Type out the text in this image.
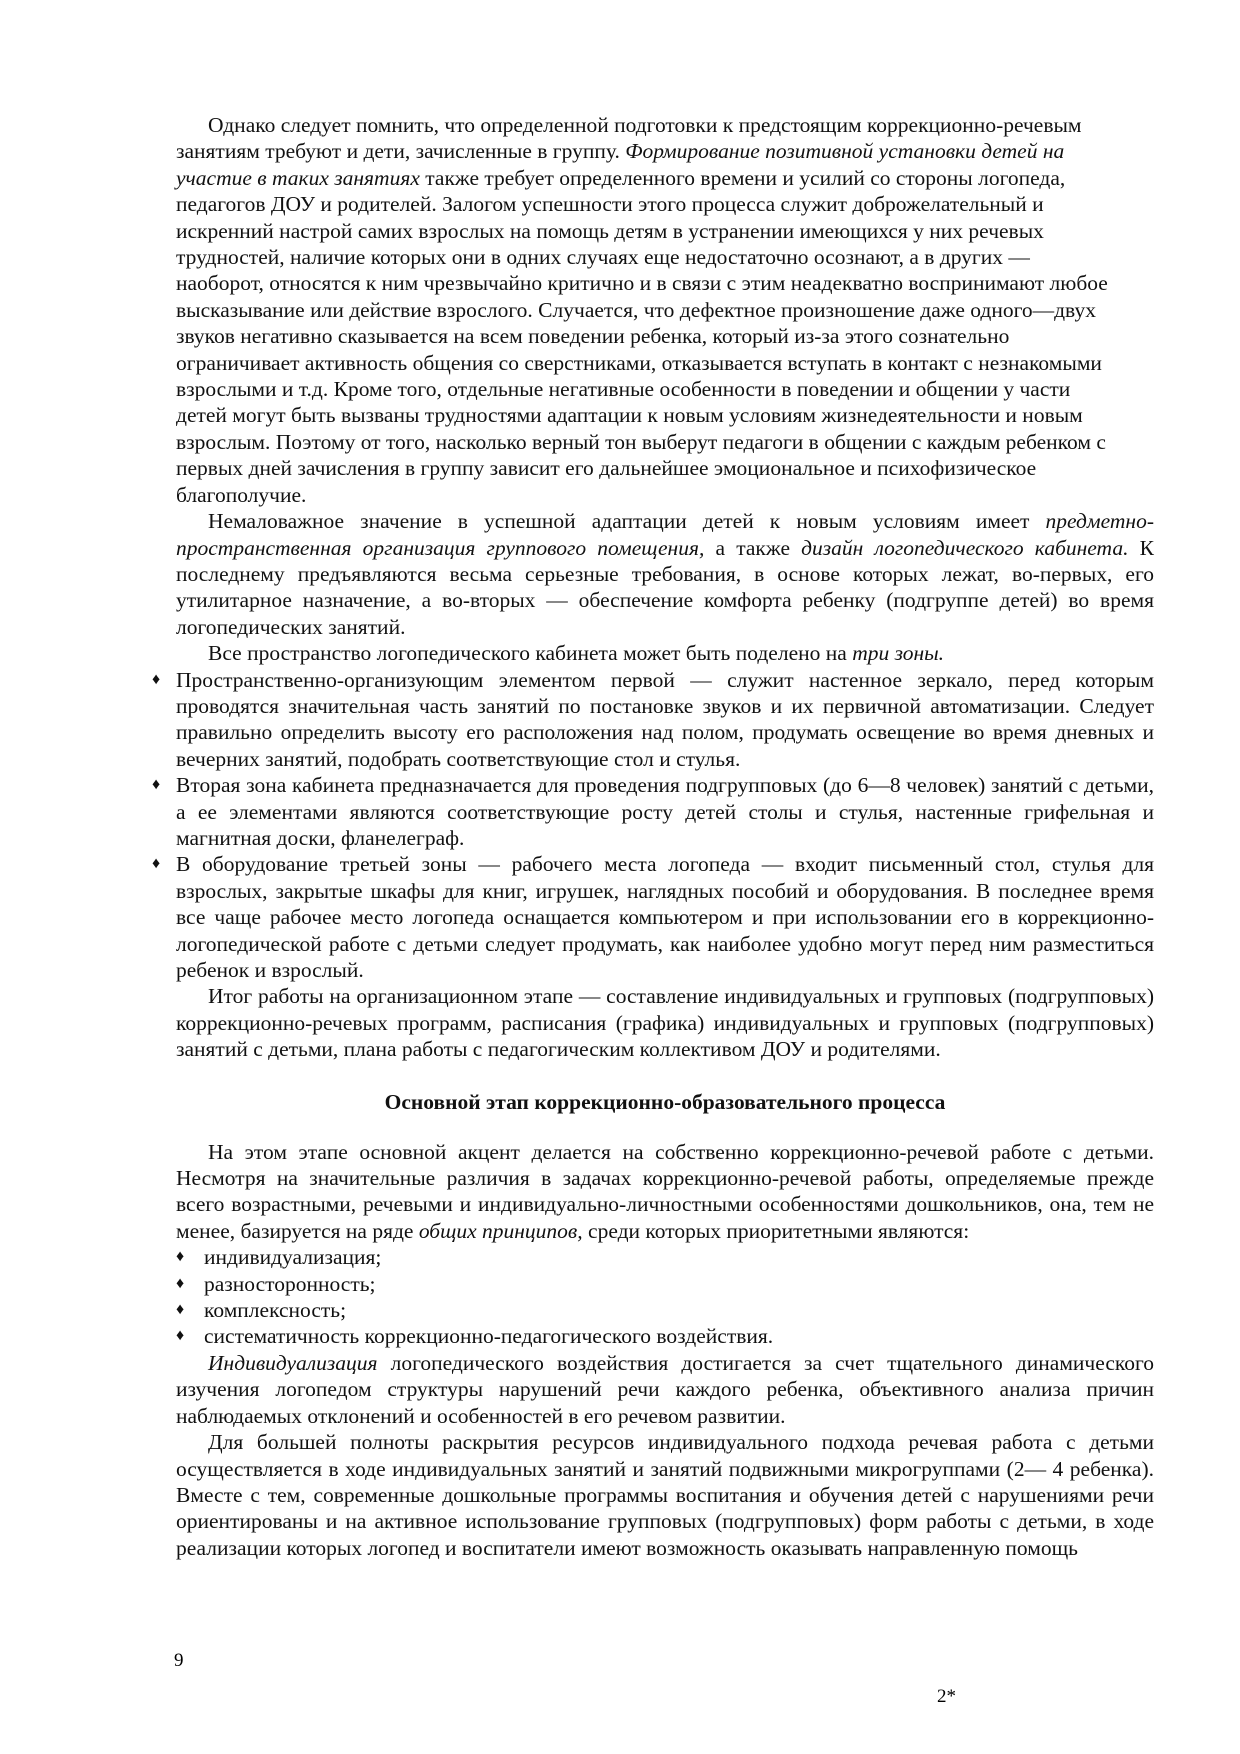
Однако следует помнить, что определенной подготовки к предстоящим коррекционно-речевым занятиям требуют и дети, зачисленные в группу. Формирование позитивной установки детей на участие в таких занятиях также требует определенного времени и усилий со стороны логопеда, педагогов ДОУ и родителей. Залогом успешности этого процесса служит доброжелательный и искренний настрой самих взрослых на помощь детям в устранении имеющихся у них речевых трудностей, наличие которых они в одних случаях еще недостаточно осознают, а в других — наоборот, относятся к ним чрезвычайно критично и в связи с этим неадекватно воспринимают любое высказывание или действие взрослого. Случается, что дефектное произношение даже одного—двух звуков негативно сказывается на всем поведении ребенка, который из-за этого сознательно ограничивает активность общения со сверстниками, отказывается вступать в контакт с незнакомыми взрослыми и т.д. Кроме того, отдельные негативные особенности в поведении и общении у части детей могут быть вызваны трудностями адаптации к новым условиям жизнедеятельности и новым взрослым. Поэтому от того, насколько верный тон выберут педагоги в общении с каждым ребенком с первых дней зачисления в группу зависит его дальнейшее эмоциональное и психофизическое благополучие.

Немаловажное значение в успешной адаптации детей к новым условиям имеет предметно-пространственная организация группового помещения, а также дизайн логопедического кабинета. К последнему предъявляются весьма серьезные требования, в основе которых лежат, во-первых, его утилитарное назначение, а во-вторых — обеспечение комфорта ребенку (подгруппе детей) во время логопедических занятий.

Все пространство логопедического кабинета может быть поделено на три зоны.

♦ Пространственно-организующим элементом первой — служит настенное зеркало, перед которым проводятся значительная часть занятий по постановке звуков и их первичной автоматизации. Следует правильно определить высоту его расположения над полом, продумать освещение во время дневных и вечерних занятий, подобрать соответствующие стол и стулья.
♦ Вторая зона кабинета предназначается для проведения подгрупповых (до 6—8 человек) занятий с детьми, а ее элементами являются соответствующие росту детей столы и стулья, настенные грифельная и магнитная доски, фланелеграф.
♦ В оборудование третьей зоны — рабочего места логопеда — входит письменный стол, стулья для взрослых, закрытые шкафы для книг, игрушек, наглядных пособий и оборудования. В последнее время все чаще рабочее место логопеда оснащается компьютером и при использовании его в коррекционно-логопедической работе с детьми следует продумать, как наиболее удобно могут перед ним разместиться ребенок и взрослый.

Итог работы на организационном этапе — составление индивидуальных и групповых (подгрупповых) коррекционно-речевых программ, расписания (графика) индивидуальных и групповых (подгрупповых) занятий с детьми, плана работы с педагогическим коллективом ДОУ и родителями.

Основной этап коррекционно-образовательного процесса

На этом этапе основной акцент делается на собственно коррекционно-речевой работе с детьми. Несмотря на значительные различия в задачах коррекционно-речевой работы, определяемые прежде всего возрастными, речевыми и индивидуально-личностными особенностями дошкольников, она, тем не менее, базируется на ряде общих принципов, среди которых приоритетными являются:

♦ индивидуализация;
♦ разносторонность;
♦ комплексность;
♦ систематичность коррекционно-педагогического воздействия.

Индивидуализация логопедического воздействия достигается за счет тщательного динамического изучения логопедом структуры нарушений речи каждого ребенка, объективного анализа причин наблюдаемых отклонений и особенностей в его речевом развитии.

Для большей полноты раскрытия ресурсов индивидуального подхода речевая работа с детьми осуществляется в ходе индивидуальных занятий и занятий подвижными микрогруппами (2— 4 ребенка). Вместе с тем, современные дошкольные программы воспитания и обучения детей с нарушениями речи ориентированы и на активное использование групповых (подгрупповых) форм работы с детьми, в ходе реализации которых логопед и воспитатели имеют возможность оказывать направленную помощь

9
2*
